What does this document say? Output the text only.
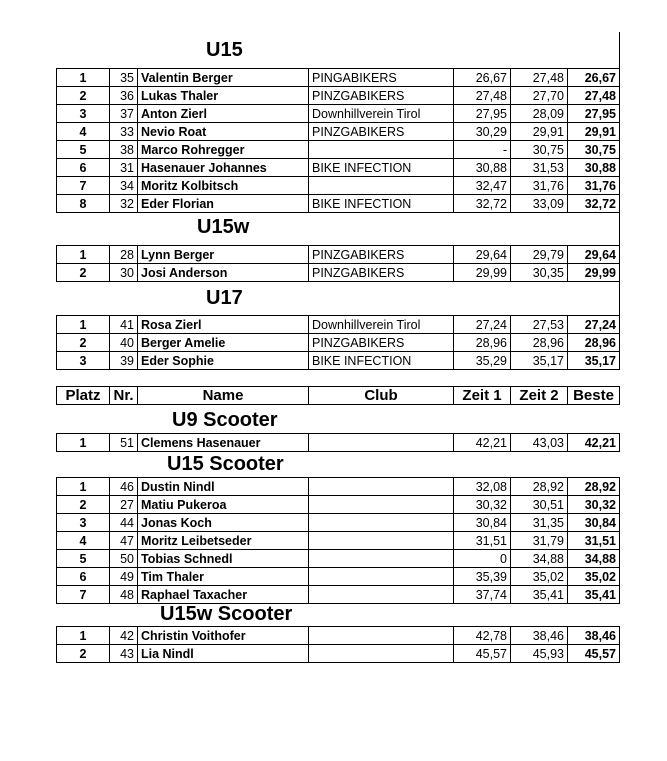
U15
1	35	Valentin Berger	PINGABIKERS	26,67	27,48	26,67
2	36	Lukas Thaler	PINZGABIKERS	27,48	27,70	27,48
3	37	Anton Zierl	Downhillverein Tirol	27,95	28,09	27,95
4	33	Nevio Roat	PINZGABIKERS	30,29	29,91	29,91
5	38	Marco Rohregger		-	30,75	30,75
6	31	Hasenauer Johannes	BIKE INFECTION	30,88	31,53	30,88
7	34	Moritz Kolbitsch		32,47	31,76	31,76
8	32	Eder Florian	BIKE INFECTION	32,72	33,09	32,72
U15w
1	28	Lynn Berger	PINZGABIKERS	29,64	29,79	29,64
2	30	Josi Anderson	PINZGABIKERS	29,99	30,35	29,99
U17
1	41	Rosa Zierl	Downhillverein Tirol	27,24	27,53	27,24
2	40	Berger Amelie	PINZGABIKERS	28,96	28,96	28,96
3	39	Eder Sophie	BIKE INFECTION	35,29	35,17	35,17
Platz	Nr.	Name	Club	Zeit 1	Zeit 2	Beste
U9 Scooter
1	51	Clemens Hasenauer		42,21	43,03	42,21
U15 Scooter
1	46	Dustin Nindl		32,08	28,92	28,92
2	27	Matiu Pukeroa		30,32	30,51	30,32
3	44	Jonas Koch		30,84	31,35	30,84
4	47	Moritz Leibetseder		31,51	31,79	31,51
5	50	Tobias Schnedl		0	34,88	34,88
6	49	Tim Thaler		35,39	35,02	35,02
7	48	Raphael Taxacher		37,74	35,41	35,41
U15w Scooter
1	42	Christin Voithofer		42,78	38,46	38,46
2	43	Lia Nindl		45,57	45,93	45,57
